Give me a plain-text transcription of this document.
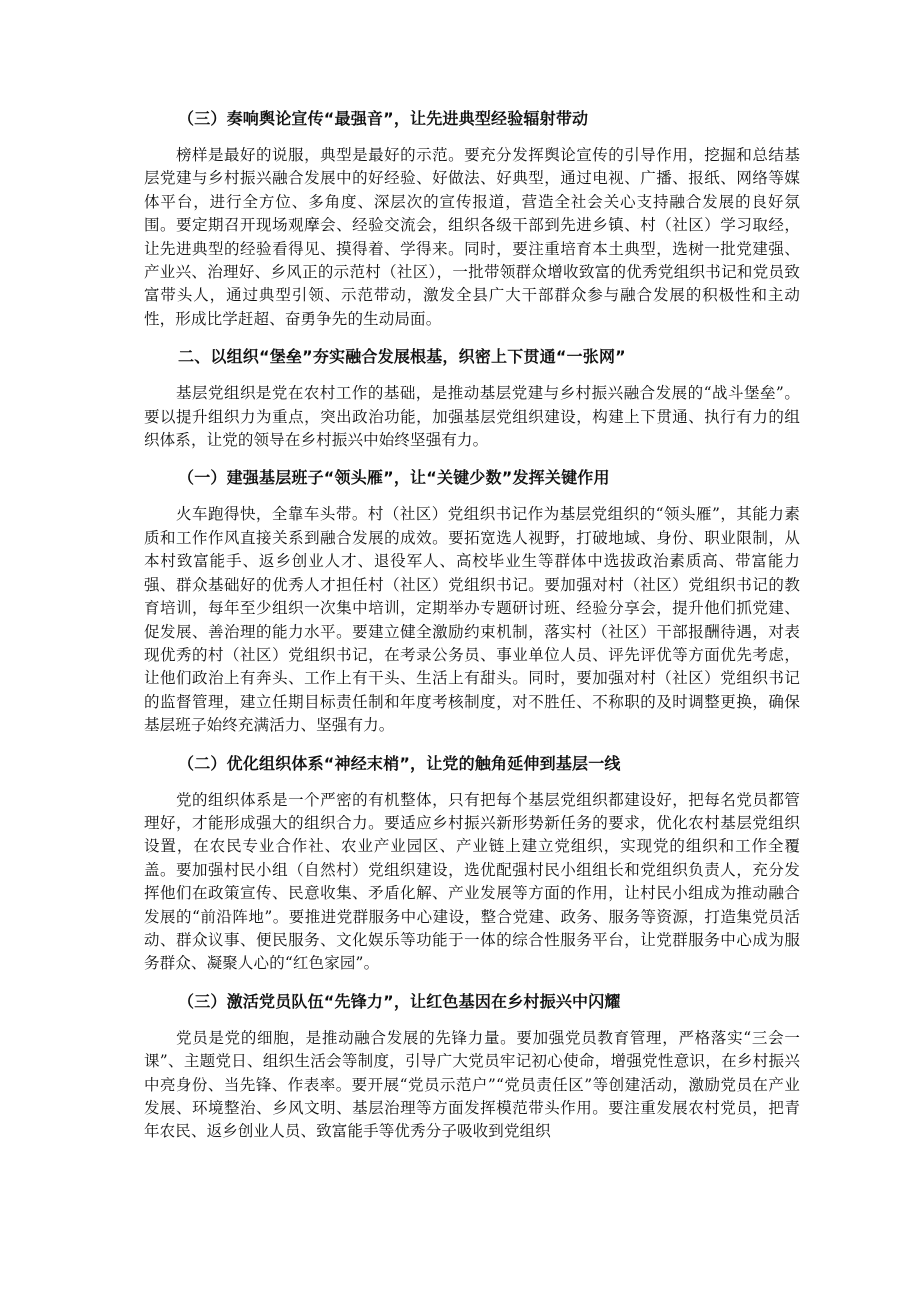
（三）奏响舆论宣传“最强音”，让先进典型经验辐射带动

榜样是最好的说服，典型是最好的示范。要充分发挥舆论宣传的引导作用，挖掘和总结基层党建与乡村振兴融合发展中的好经验、好做法、好典型，通过电视、广播、报纸、网络等媒体平台，进行全方位、多角度、深层次的宣传报道，营造全社会关心支持融合发展的良好氛围。要定期召开现场观摩会、经验交流会，组织各级干部到先进乡镇、村（社区）学习取经，让先进典型的经验看得见、摸得着、学得来。同时，要注重培育本土典型，选树一批党建强、产业兴、治理好、乡风正的示范村（社区），一批带领群众增收致富的优秀党组织书记和党员致富带头人，通过典型引领、示范带动，激发全县广大干部群众参与融合发展的积极性和主动性，形成比学赶超、奋勇争先的生动局面。

二、以组织“堡垒”夯实融合发展根基，织密上下贯通“一张网”

基层党组织是党在农村工作的基础，是推动基层党建与乡村振兴融合发展的“战斗堡垒”。要以提升组织力为重点，突出政治功能，加强基层党组织建设，构建上下贯通、执行有力的组织体系，让党的领导在乡村振兴中始终坚强有力。

（一）建强基层班子“领头雁”，让“关键少数”发挥关键作用

火车跑得快，全靠车头带。村（社区）党组织书记作为基层党组织的“领头雁”，其能力素质和工作作风直接关系到融合发展的成效。要拓宽选人视野，打破地域、身份、职业限制，从本村致富能手、返乡创业人才、退役军人、高校毕业生等群体中选拔政治素质高、带富能力强、群众基础好的优秀人才担任村（社区）党组织书记。要加强对村（社区）党组织书记的教育培训，每年至少组织一次集中培训，定期举办专题研讨班、经验分享会，提升他们抓党建、促发展、善治理的能力水平。要建立健全激励约束机制，落实村（社区）干部报酬待遇，对表现优秀的村（社区）党组织书记，在考录公务员、事业单位人员、评先评优等方面优先考虑，让他们政治上有奔头、工作上有干头、生活上有甜头。同时，要加强对村（社区）党组织书记的监督管理，建立任期目标责任制和年度考核制度，对不胜任、不称职的及时调整更换，确保基层班子始终充满活力、坚强有力。

（二）优化组织体系“神经末梢”，让党的触角延伸到基层一线

党的组织体系是一个严密的有机整体，只有把每个基层党组织都建设好，把每名党员都管理好，才能形成强大的组织合力。要适应乡村振兴新形势新任务的要求，优化农村基层党组织设置，在农民专业合作社、农业产业园区、产业链上建立党组织，实现党的组织和工作全覆盖。要加强村民小组（自然村）党组织建设，选优配强村民小组组长和党组织负责人，充分发挥他们在政策宣传、民意收集、矛盾化解、产业发展等方面的作用，让村民小组成为推动融合发展的“前沿阵地”。要推进党群服务中心建设，整合党建、政务、服务等资源，打造集党员活动、群众议事、便民服务、文化娱乐等功能于一体的综合性服务平台，让党群服务中心成为服务群众、凝聚人心的“红色家园”。

（三）激活党员队伍“先锋力”，让红色基因在乡村振兴中闪耀

党员是党的细胞，是推动融合发展的先锋力量。要加强党员教育管理，严格落实“三会一课”、主题党日、组织生活会等制度，引导广大党员牢记初心使命，增强党性意识，在乡村振兴中亮身份、当先锋、作表率。要开展“党员示范户”“党员责任区”等创建活动，激励党员在产业发展、环境整治、乡风文明、基层治理等方面发挥模范带头作用。要注重发展农村党员，把青年农民、返乡创业人员、致富能手等优秀分子吸收到党组织
